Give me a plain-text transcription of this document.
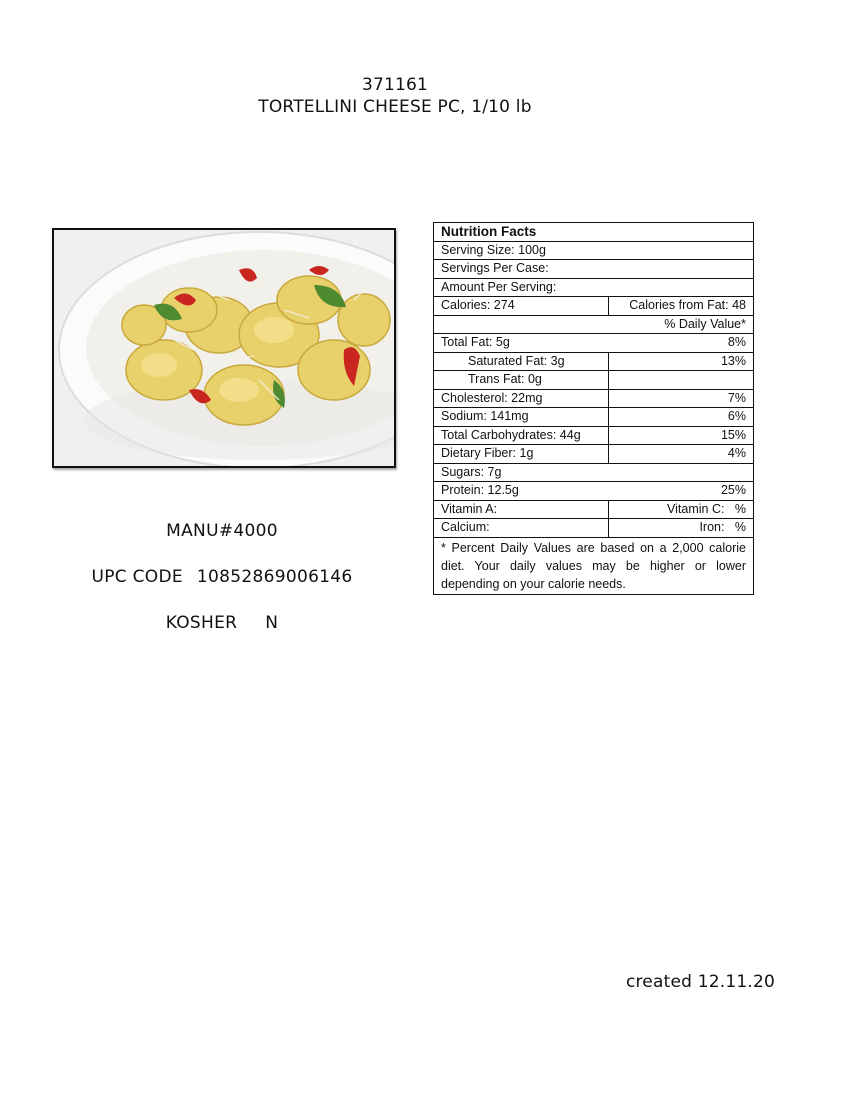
371161
TORTELLINI CHEESE PC, 1/10 lb
MANU#4000
UPC CODE 10852869006146
KOSHER N
Nutrition Facts	
Serving Size: 100g	
Servings Per Case:	
Amount Per Serving:	
Calories: 274	Calories from Fat: 48
% Daily Value*	
Total Fat: 5g	8%
Saturated Fat: 3g	13%
Trans Fat: 0g	
Cholesterol: 22mg	7%
Sodium: 141mg	6%
Total Carbohydrates: 44g	15%
Dietary Fiber: 1g	4%
Sugars: 7g	
Protein: 12.5g	25%
Vitamin A:	Vitamin C:   %
Calcium:	Iron:   %
* Percent Daily Values are based on a 2,000 calorie diet. Your daily values may be higher or lower depending on your calorie needs.	
created 12.11.20
